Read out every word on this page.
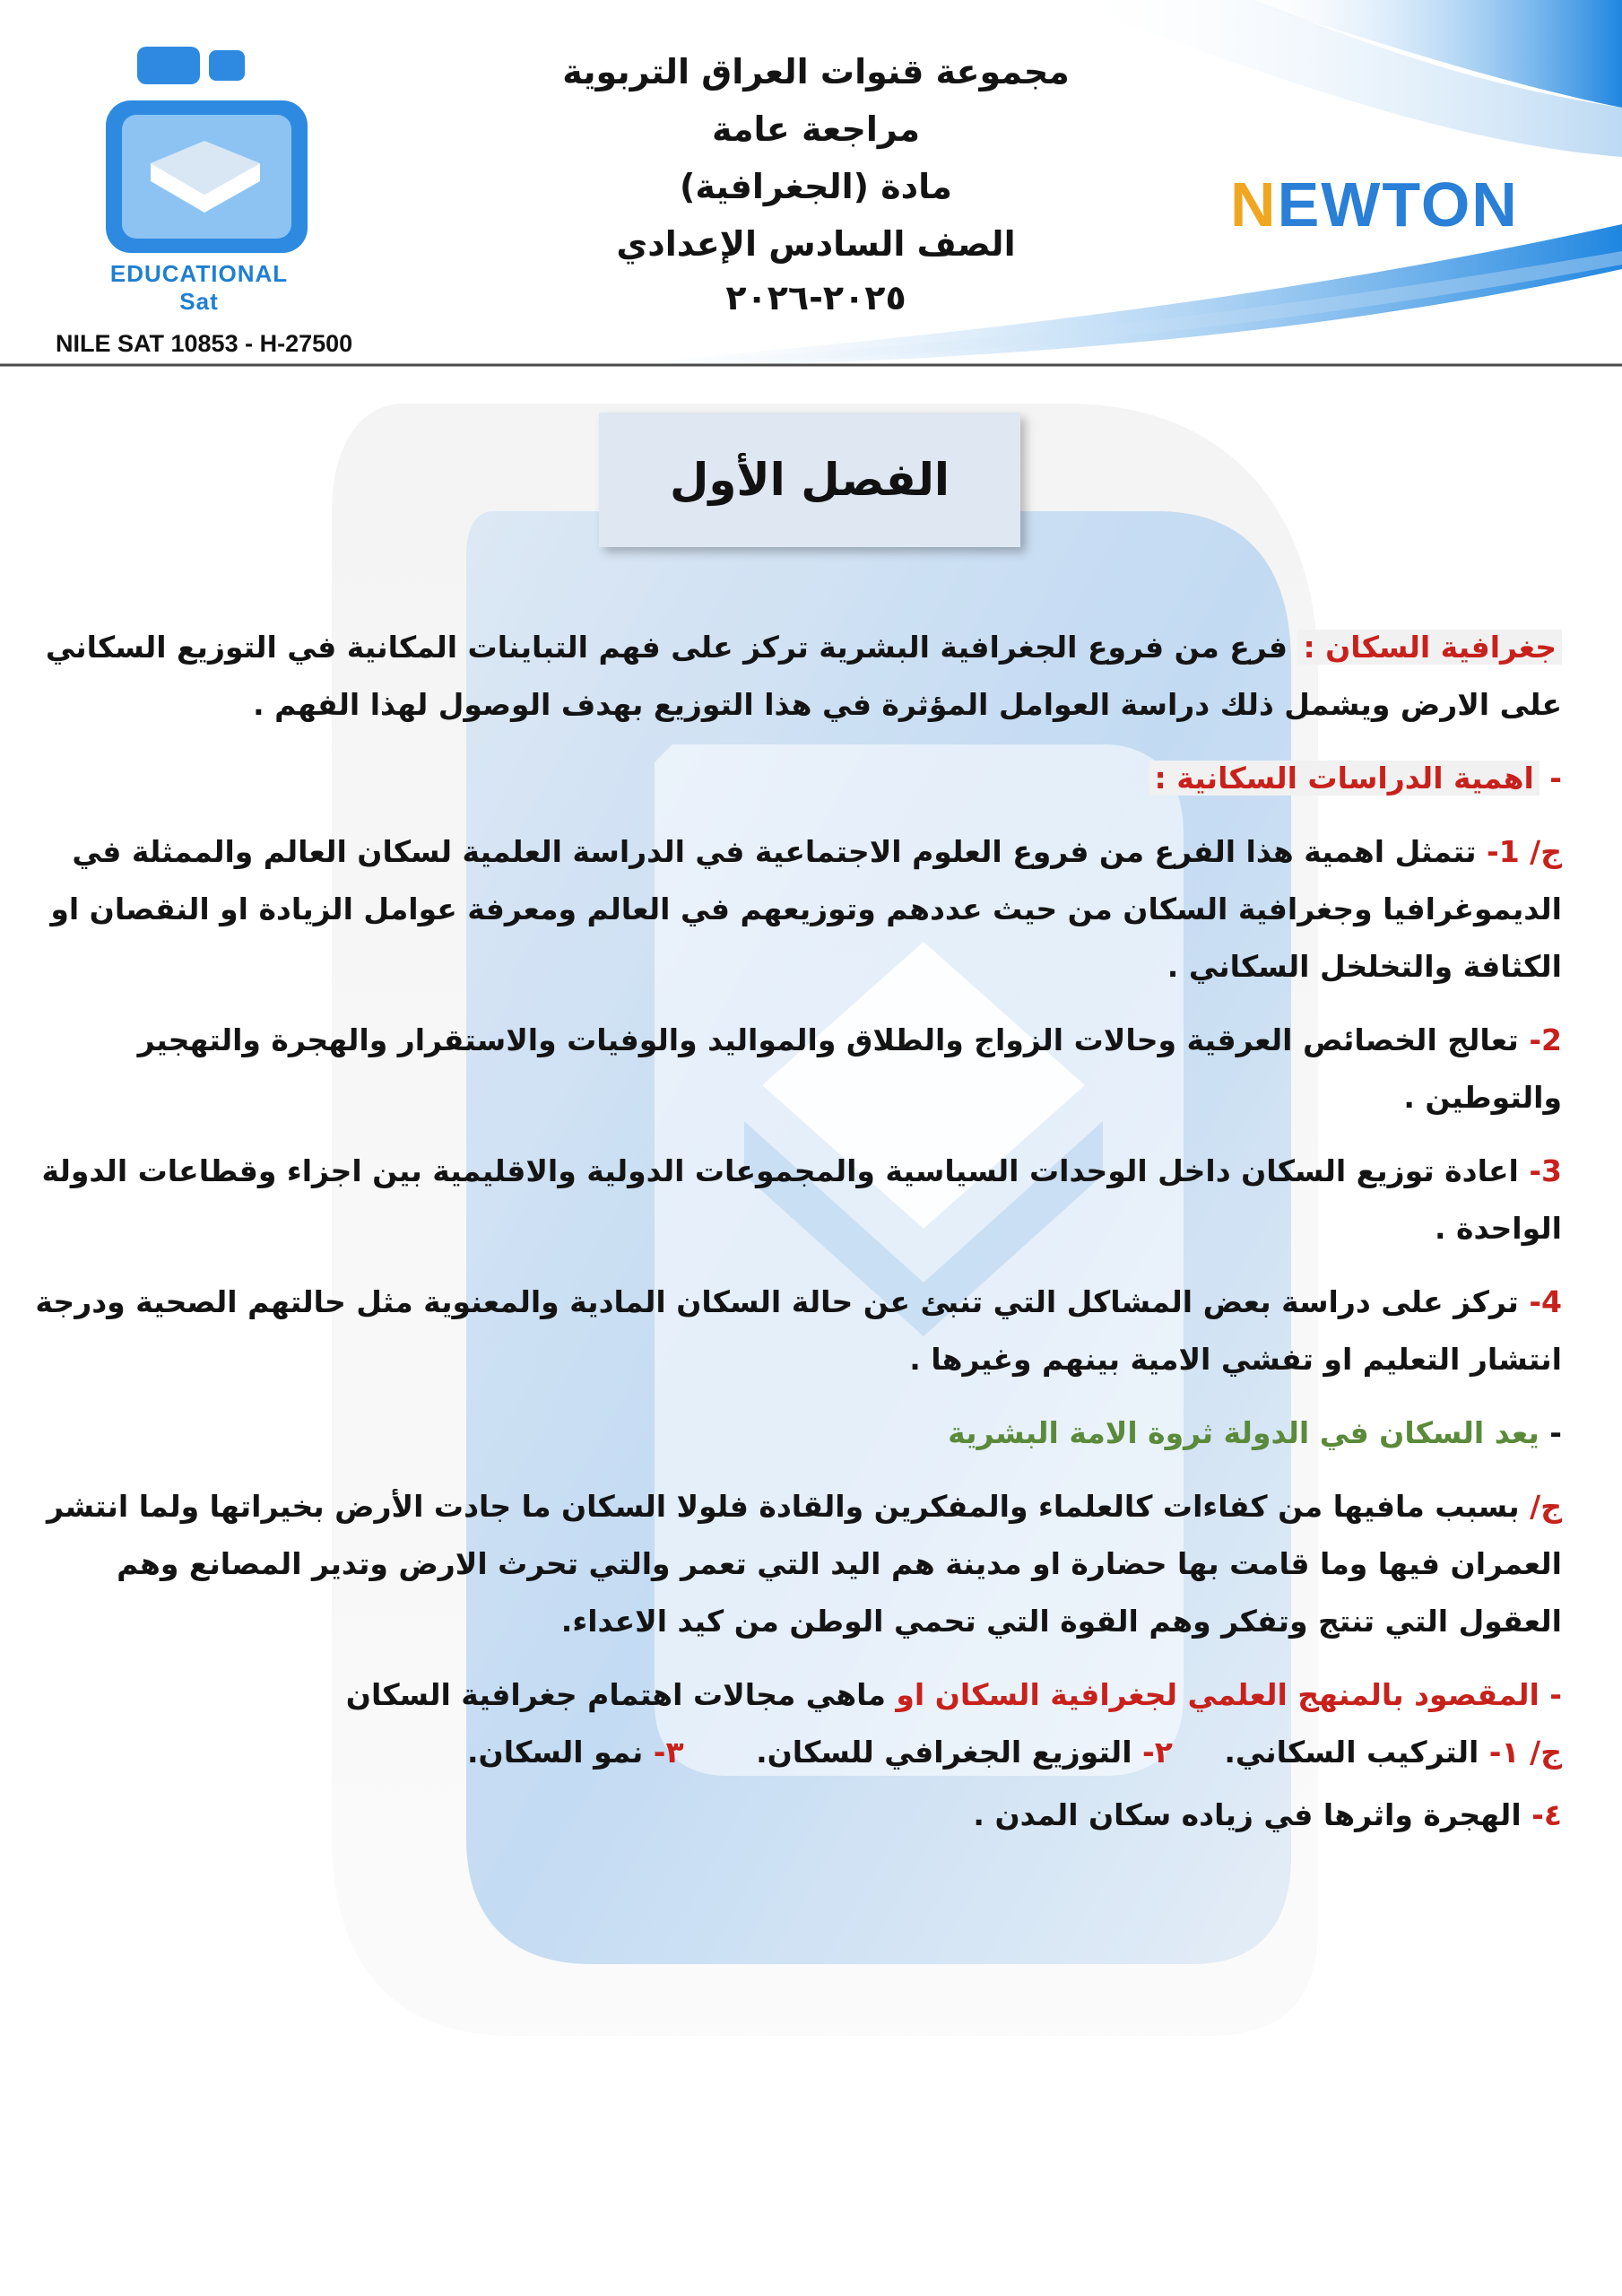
EDUCATIONAL Sat
NILE SAT 10853 - H-27500
NEWTON
مجموعة قنوات العراق التربوية
مراجعة عامة
مادة (الجغرافية)
الصف السادس الإعدادي
٢٠٢٥-٢٠٢٦
الفصل الأول

جغرافية السكان : فرع من فروع الجغرافية البشرية تركز على فهم التباينات المكانية في التوزيع السكاني على الارض ويشمل ذلك دراسة العوامل المؤثرة في هذا التوزيع بهدف الوصول لهذا الفهم .

- اهمية الدراسات السكانية :

ج/ 1- تتمثل اهمية هذا الفرع من فروع العلوم الاجتماعية في الدراسة العلمية لسكان العالم والممثلة في الديموغرافيا وجغرافية السكان من حيث عددهم وتوزيعهم في العالم ومعرفة عوامل الزيادة او النقصان او الكثافة والتخلخل السكاني .

2- تعالج الخصائص العرقية وحالات الزواج والطلاق والمواليد والوفيات والاستقرار والهجرة والتهجير والتوطين .

3- اعادة توزيع السكان داخل الوحدات السياسية والمجموعات الدولية والاقليمية بين اجزاء وقطاعات الدولة الواحدة .

4- تركز على دراسة بعض المشاكل التي تنبئ عن حالة السكان المادية والمعنوية مثل حالتهم الصحية ودرجة انتشار التعليم او تفشي الامية بينهم وغيرها .

- يعد السكان في الدولة ثروة الامة البشرية

ج/ بسبب مافيها من كفاءات كالعلماء والمفكرين والقادة فلولا السكان ما جادت الأرض بخيراتها ولما انتشر العمران فيها وما قامت بها حضارة او مدينة هم اليد التي تعمر والتي تحرث الارض وتدير المصانع وهم العقول التي تنتج وتفكر وهم القوة التي تحمي الوطن من كيد الاعداء.

- المقصود بالمنهج العلمي لجغرافية السكان او ماهي مجالات اهتمام جغرافية السكان

ج/ ١- التركيب السكاني.     ٢- التوزيع الجغرافي للسكان.       ٣- نمو السكان.

٤- الهجرة واثرها في زياده سكان المدن .
